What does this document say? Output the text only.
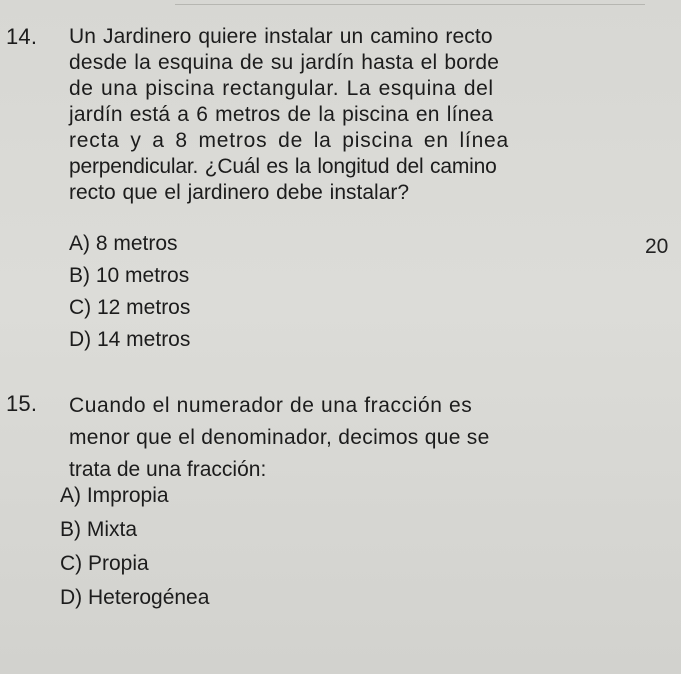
14. Un Jardinero quiere instalar un camino recto
desde la esquina de su jardín hasta el borde
de una piscina rectangular. La esquina del
jardín está a 6 metros de la piscina en línea
recta y a 8 metros de la piscina en línea
perpendicular. ¿Cuál es la longitud del camino
recto que el jardinero debe instalar?
A) 8 metros
B) 10 metros
C) 12 metros
D) 14 metros
20
15. Cuando el numerador de una fracción es
menor que el denominador, decimos que se
trata de una fracción:
A) Impropia
B) Mixta
C) Propia
D) Heterogénea
